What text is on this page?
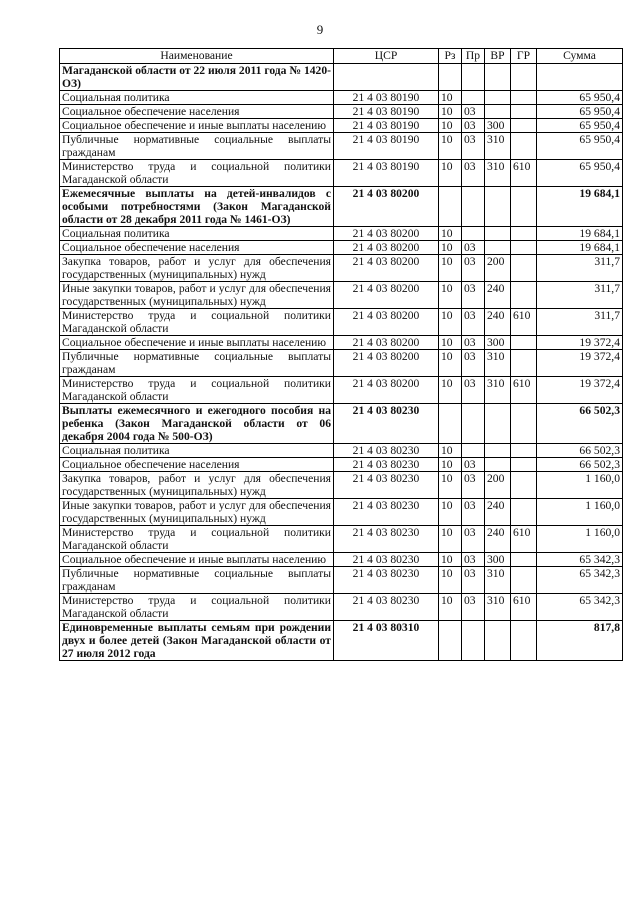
9
Наименование	ЦСР	Рз	Пр	ВР	ГР	Сумма
Магаданской области от 22 июля 2011 года № 1420-ОЗ)						
Социальная политика	21 4 03 80190	10				65 950,4
Социальное обеспечение населения	21 4 03 80190	10	03			65 950,4
Социальное обеспечение и иные выплаты населению	21 4 03 80190	10	03	300		65 950,4
Публичные нормативные социальные выплаты гражданам	21 4 03 80190	10	03	310		65 950,4
Министерство труда и социальной политики Магаданской области	21 4 03 80190	10	03	310	610	65 950,4
Ежемесячные выплаты на детей-инвалидов с особыми потребностями (Закон Магаданской области от 28 декабря 2011 года № 1461-ОЗ)	21 4 03 80200					19 684,1
Социальная политика	21 4 03 80200	10				19 684,1
Социальное обеспечение населения	21 4 03 80200	10	03			19 684,1
Закупка товаров, работ и услуг для обеспечения государственных (муниципальных) нужд	21 4 03 80200	10	03	200		311,7
Иные закупки товаров, работ и услуг для обеспечения государственных (муниципальных) нужд	21 4 03 80200	10	03	240		311,7
Министерство труда и социальной политики Магаданской области	21 4 03 80200	10	03	240	610	311,7
Социальное обеспечение и иные выплаты населению	21 4 03 80200	10	03	300		19 372,4
Публичные нормативные социальные выплаты гражданам	21 4 03 80200	10	03	310		19 372,4
Министерство труда и социальной политики Магаданской области	21 4 03 80200	10	03	310	610	19 372,4
Выплаты ежемесячного и ежегодного пособия на ребенка (Закон Магаданской области от 06 декабря 2004 года № 500-ОЗ)	21 4 03 80230					66 502,3
Социальная политика	21 4 03 80230	10				66 502,3
Социальное обеспечение населения	21 4 03 80230	10	03			66 502,3
Закупка товаров, работ и услуг для обеспечения государственных (муниципальных) нужд	21 4 03 80230	10	03	200		1 160,0
Иные закупки товаров, работ и услуг для обеспечения государственных (муниципальных) нужд	21 4 03 80230	10	03	240		1 160,0
Министерство труда и социальной политики Магаданской области	21 4 03 80230	10	03	240	610	1 160,0
Социальное обеспечение и иные выплаты населению	21 4 03 80230	10	03	300		65 342,3
Публичные нормативные социальные выплаты гражданам	21 4 03 80230	10	03	310		65 342,3
Министерство труда и социальной политики Магаданской области	21 4 03 80230	10	03	310	610	65 342,3
Единовременные выплаты семьям при рождении двух и более детей (Закон Магаданской области от 27 июля 2012 года	21 4 03 80310					817,8
